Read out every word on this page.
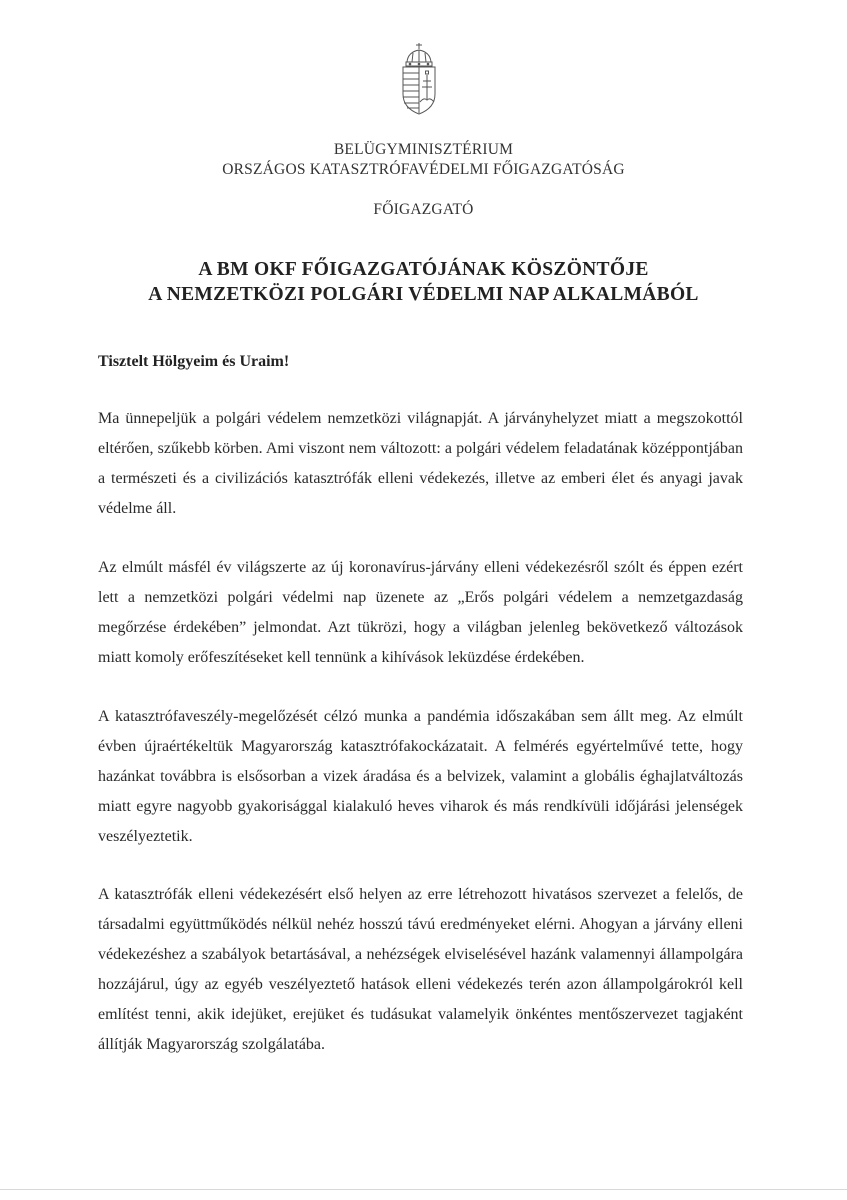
BELÜGYMINISZTÉRIUM
ORSZÁGOS KATASZTRÓFAVÉDELMI FŐIGAZGATÓSÁG
FŐIGAZGATÓ
A BM OKF FŐIGAZGATÓJÁNAK KÖSZÖNTŐJE
A NEMZETKÖZI POLGÁRI VÉDELMI NAP ALKALMÁBÓL
Tisztelt Hölgyeim és Uraim!

Ma ünnepeljük a polgári védelem nemzetközi világnapját. A járványhelyzet miatt a megszokottól eltérően, szűkebb körben. Ami viszont nem változott: a polgári védelem feladatának középpontjában a természeti és a civilizációs katasztrófák elleni védekezés, illetve az emberi élet és anyagi javak védelme áll.

Az elmúlt másfél év világszerte az új koronavírus-járvány elleni védekezésről szólt és éppen ezért lett a nemzetközi polgári védelmi nap üzenete az „Erős polgári védelem a nemzetgazdaság megőrzése érdekében” jelmondat. Azt tükrözi, hogy a világban jelenleg bekövetkező változások miatt komoly erőfeszítéseket kell tennünk a kihívások leküzdése érdekében.

A katasztrófaveszély-megelőzését célzó munka a pandémia időszakában sem állt meg. Az elmúlt évben újraértékeltük Magyarország katasztrófakockázatait. A felmérés egyértelművé tette, hogy hazánkat továbbra is elsősorban a vizek áradása és a belvizek, valamint a globális éghajlatváltozás miatt egyre nagyobb gyakorisággal kialakuló heves viharok és más rendkívüli időjárási jelenségek veszélyeztetik.

A katasztrófák elleni védekezésért első helyen az erre létrehozott hivatásos szervezet a felelős, de társadalmi együttműködés nélkül nehéz hosszú távú eredményeket elérni. Ahogyan a járvány elleni védekezéshez a szabályok betartásával, a nehézségek elviselésével hazánk valamennyi állampolgára hozzájárul, úgy az egyéb veszélyeztető hatások elleni védekezés terén azon állampolgárokról kell említést tenni, akik idejüket, erejüket és tudásukat valamelyik önkéntes mentőszervezet tagjaként állítják Magyarország szolgálatába.
